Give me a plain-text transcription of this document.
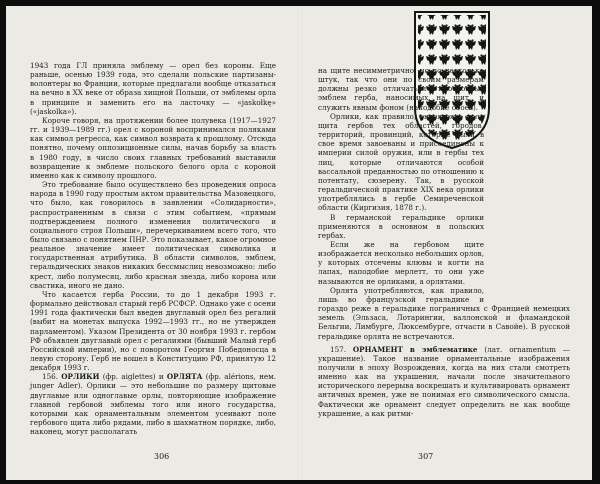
1943 года ГЛ приняла эмблему — орел без короны. Еще раньше, осенью 1939 года, это сделали польские партизаны-волонтеры во Франции, которые предлагали вообще отказаться на вечно в XX веке от образа хищной Польши, от эмблемы орла в принципе и заменить его на ласточку — «jaskołkę» («jaskolka»).

Короче говоря, на протяжении более полувека (1917—1927 гг. и 1939—1989 гг.) орел с короной воспринимался поляками как символ регресса, как символ возврата к прошлому. Отсюда понятно, почему оппозиционные силы, начав борьбу за власть в 1980 году, в число своих главных требований выставили возвращение к эмблеме польского белого орла с короной именно как к символу прошлого.

Это требование было осуществлено без проведения опроса народа в 1990 году простым актом правительства Мазовецкого, что было, как говорилось в заявлении «Солидарности», распространенным в связи с этим событием, «прямым подтверждением полного изменения политического и социального строя Польши», перечеркиванием всего того, что было связано с понятием ПНР. Это показывает, какое огромное реальное значение имеет политическая символика и государственная атрибутика. В области символов, эмблем, геральдических знаков никаких бессмыслиц невозможно: либо крест, либо полумесяц, либо красная звезда, либо корона или свастика, иного не дано.

Что касается герба России, то до 1 декабря 1993 г. формально действовал старый герб РСФСР. Однако уже с осени 1991 года фактически был введен двуглавый орел без регалий (выбит на монетах выпуска 1992—1993 гг., но не утвержден парламентом). Указом Президента от 30 ноября 1993 г. гербом РФ объявлен двуглавый орел с регалиями (бывший Малый герб Российской империи), но с поворотом Георгия Победоносца в левую сторону. Герб не вошел в Конституцию РФ, принятую 12 декабря 1993 г.

156. ОРЛИКИ (фр. aiglettes) и ОРЛЯТА (фр. alérions, нем. junger Adler). Орлики — это небольшие по размеру щитовые двуглавые или одноглавые орлы, повторяющие изображение главной гербовой эмблемы того или иного государства, которыми как орнаментальным элементом усеивают поле гербового щита либо рядами, либо в шахматном порядке, либо, наконец, могут располагать

306

на щите несимметрично, но по несколько штук, так что они по своим размерам должны резко отличаться от основных эмблем герба, наносимых на щит, и служить явным фоном (наподобие обоев).

Орлики, как правило, вносятся в поле щита гербов тех областей, городов, территорий, провинций, которые были в свое время завоеваны и присоединены к империи силой оружия, или в гербы тех лиц, которые отличаются особой вассальной преданностью по отношению к потентату, сюзерену. Так, в русской геральдической практике XIX века орлики употреблялись в гербе Семиреченской области (Киргизия, 1878 г.).

В германской геральдике орлики применяются в основном в польских гербах.

Если же на гербовом щите изображается несколько небольших орлов, у которых отсечены клювы и когти на лапах, наподобие мерлетт, то они уже называются не орликами, а орлятами.

Орлята употребляются, как правило, лишь во французской геральдике и гораздо реже в геральдике пограничных с Францией немецких земель (Эльзаса, Лотарингии, валлонской и фламандской Бельгии, Лимбурге, Люксембурге, отчасти в Савойе). В русской геральдике орлята не встречаются.

157. ОРНАМЕНТ в эмблематике (лат. ornamentum — украшение). Такое название орнаментальные изображения получили в эпоху Возрождения, когда на них стали смотреть именно как на украшения, начали после значительного исторического перерыва воскрешать и культивировать орнамент античных времен, уже не понимая его символического смысла. Фактически же орнамент следует определить не как вообще украшение, а как ритми-

307
